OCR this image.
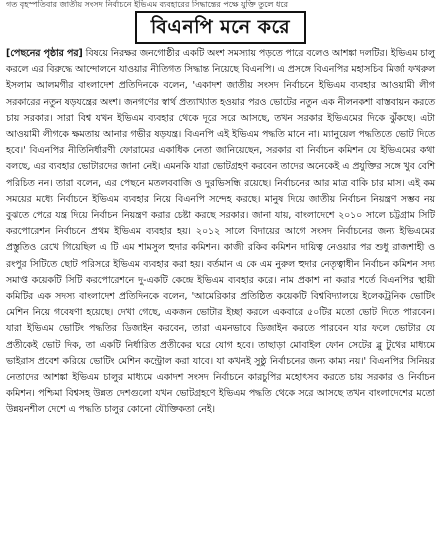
গত বৃহস্পতিবার জাতীয় সংসদ নির্বাচনে ইভিএম ব্যবহারের সিদ্ধান্তের পক্ষে যুক্তি তুলে ধরে
বিএনপি মনে করে
[ পেছনের পৃষ্ঠার পর ] বিষয়ে নিরক্ষর জনগোষ্ঠীর একটি অংশ সমস্যায় পড়তে পারে বলেও আশঙ্কা দলটির। ইভিএম চালু করলে এর বিরুদ্ধে আন্দোলনে যাওয়ার নীতিগত সিদ্ধান্ত নিয়েছে বিএনপি। এ প্রসঙ্গে বিএনপির মহাসচিব মির্জা ফখরুল ইসলাম আলমগীর বাংলাদেশ প্রতিদিনকে বলেন, 'একাদশ জাতীয় সংসদ নির্বাচনে ইভিএম ব্যবহার আওয়ামী লীগ সরকারের নতুন ষড়যন্ত্রের অংশ। জনগণের স্বার্থ প্রত্যাখ্যাত হওয়ার পরও ভোটের নতুন এক নীলনকশা বাস্তবায়ন করতে চায় সরকার। সারা বিশ্ব যখন ইভিএম ব্যবহার থেকে দূরে সরে আসছে, তখন সরকার ইভিএমের দিকে ঝুঁকছে। এটা আওয়ামী লীগকে ক্ষমতায় আনার গভীর ষড়যন্ত্র। বিএনপি এই ইভিএম পদ্ধতি মানে না। ম্যানুয়েল পদ্ধতিতে ভোট দিতে হবে।' বিএনপির নীতিনির্ধারণী ফোরামের একাধিক নেতা জানিয়েছেন, সরকার বা নির্বাচন কমিশন যে ইভিএমের কথা বলছে, এর ব্যবহার ভোটারদের জানা নেই। এমনকি যারা ভোটগ্রহণ করবেন তাদের অনেকেই এ প্রযুক্তির সঙ্গে খুব বেশি পরিচিত নন। তারা বলেন, এর পেছনে মতলববাজি ও দুরভিসন্ধি রয়েছে। নির্বাচনের আর মাত্র বাকি চার মাস। এই কম সময়ের মধ্যে নির্বাচনে ইভিএম ব্যবহার নিয়ে বিএনপি সন্দেহ করছে। মানুষ দিয়ে জাতীয় নির্বাচন নিয়ন্ত্রণ সম্ভব নয় বুঝতে পেরে যন্ত্র দিয়ে নির্বাচন নিয়ন্ত্রণ করার চেষ্টা করছে সরকার। জানা যায়, বাংলাদেশে ২০১০ সালে চট্টগ্রাম সিটি করপোরেশন নির্বাচনে প্রথম ইভিএম ব্যবহার হয়। ২০১২ সালে বিদায়ের আগে সংসদ নির্বাচনের জন্য ইভিএমের প্রস্তুতিও রেখে গিয়েছিল এ টি এম শামসুল হুদার কমিশন। কাজী রকিব কমিশন দায়িত্ব নেওয়ার পর শুধু রাজশাহী ও রংপুর সিটিতে ছোট পরিসরে ইভিএম ব্যবহার করা হয়। বর্তমান এ কে এম নুরুল হুদার নেতৃত্বাধীন নির্বাচন কমিশন সদ্য সমাপ্ত কয়েকটি সিটি করপোরেশনে দু-একটি কেন্দ্রে ইভিএম ব্যবহার করে। নাম প্রকাশ না করার শর্তে বিএনপির স্থায়ী কমিটির এক সদস্য বাংলাদেশ প্রতিদিনকে বলেন, 'আমেরিকার প্রতিষ্ঠিত কয়েকটি বিশ্ববিদ্যালয়ে ইলেকট্রনিক ভোটিং মেশিন নিয়ে গবেষণা হয়েছে। দেখা গেছে, একজন ভোটার ইচ্ছা করলে একবারে ৫০টির মতো ভোট দিতে পারবেন। যারা ইভিএম ভোটিং পদ্ধতির ডিজাইন করবেন, তারা এমনভাবে ডিজাইন করতে পারবেন যার ফলে ভোটার যে প্রতীকেই ভোট দিক, তা একটি নির্ধারিত প্রতীকের ঘরে যোগ হবে। তাছাড়া মোবাইল ফোন সেটের ব্লু টুথের মাধ্যমে ভাইরাস প্রবেশ করিয়ে ভোটিং মেশিন কন্ট্রোল করা যাবে। যা কখনই সুষ্ঠু নির্বাচনের জন্য কাম্য নয়।' বিএনপির সিনিয়র নেতাদের আশঙ্কা ইভিএম চালুর মাধ্যমে একাদশ সংসদ নির্বাচনে কারচুপির মহোৎসব করতে চায় সরকার ও নির্বাচন কমিশন। পশ্চিমা বিশ্বসহ উন্নত দেশগুলো যখন ভোটগ্রহণে ইভিএম পদ্ধতি থেকে সরে আসছে তখন বাংলাদেশের মতো উন্নয়নশীল দেশে এ পদ্ধতি চালুর কোনো যৌক্তিকতা নেই।
